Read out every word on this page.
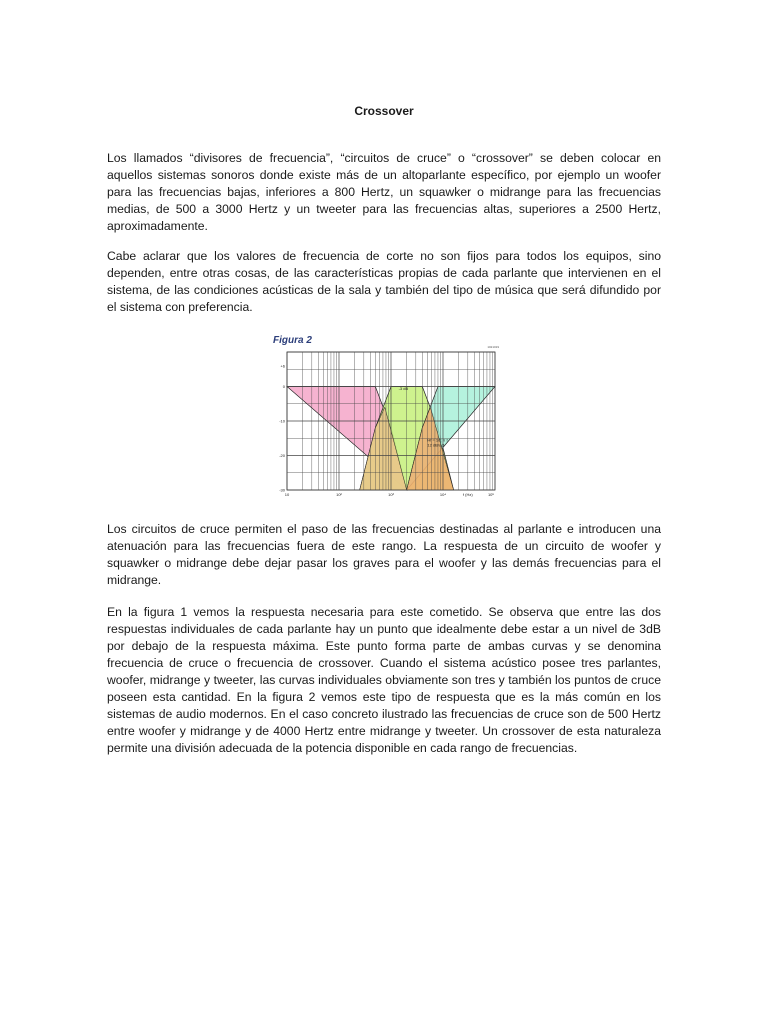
Crossover

Los llamados “divisores de frecuencia”, “circuitos de cruce” o “crossover” se deben colocar en aquellos sistemas sonoros donde existe más de un altoparlante específico, por ejemplo un woofer para las frecuencias bajas, inferiores a 800 Hertz, un squawker o midrange para las frecuencias medias, de 500 a 3000 Hertz y un tweeter para las frecuencias altas, superiores a 2500 Hertz, aproximadamente.

Cabe aclarar que los valores de frecuencia de corte no son fijos para todos los equipos, sino dependen, entre otras cosas, de las características propias de cada parlante que intervienen en el sistema, de las condiciones acústicas de la sala y también del tipo de música que será difundido por el sistema con preferencia.

10	10²	10³	10⁴	f (Hz)	10⁵
+6
0
-10
-20
-30
-3 dB
Hf = 1/2 π f
12 dB/oct
Figura 2
1021019

Los circuitos de cruce permiten el paso de las frecuencias destinadas al parlante e introducen una atenuación para las frecuencias fuera de este rango. La respuesta de un circuito de woofer y squawker o midrange debe dejar pasar los graves para el woofer y las demás frecuencias para el midrange.

En la figura 1 vemos la respuesta necesaria para este cometido. Se observa que entre las dos respuestas individuales de cada parlante hay un punto que idealmente debe estar a un nivel de 3dB por debajo de la respuesta máxima. Este punto forma parte de ambas curvas y se denomina frecuencia de cruce o frecuencia de crossover. Cuando el sistema acústico posee tres parlantes, woofer, midrange y tweeter, las curvas individuales obviamente son tres y también los puntos de cruce poseen esta cantidad. En la figura 2 vemos este tipo de respuesta que es la más común en los sistemas de audio modernos. En el caso concreto ilustrado las frecuencias de cruce son de 500 Hertz entre woofer y midrange y de 4000 Hertz entre midrange y tweeter. Un crossover de esta naturaleza permite una división adecuada de la potencia disponible en cada rango de frecuencias.
